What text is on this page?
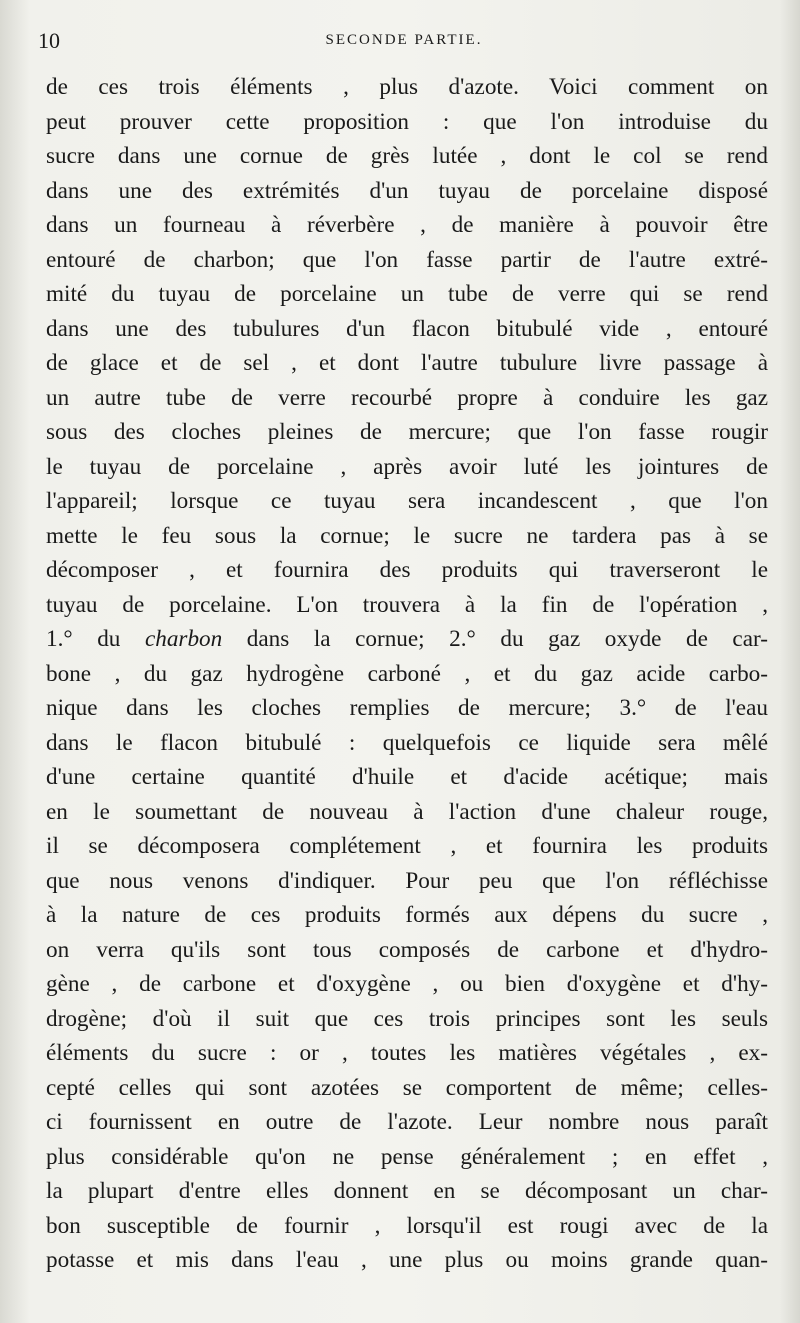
10	SECONDE PARTIE.
de ces trois éléments , plus d'azote. Voici comment on
peut prouver cette proposition : que l'on introduise du
sucre dans une cornue de grès lutée , dont le col se rend
dans une des extrémités d'un tuyau de porcelaine disposé
dans un fourneau à réverbère , de manière à pouvoir être
entouré de charbon; que l'on fasse partir de l'autre extré-
mité du tuyau de porcelaine un tube de verre qui se rend
dans une des tubulures d'un flacon bitubulé vide , entouré
de glace et de sel , et dont l'autre tubulure livre passage à
un autre tube de verre recourbé propre à conduire les gaz
sous des cloches pleines de mercure; que l'on fasse rougir
le tuyau de porcelaine , après avoir luté les jointures de
l'appareil; lorsque ce tuyau sera incandescent , que l'on
mette le feu sous la cornue; le sucre ne tardera pas à se
décomposer , et fournira des produits qui traverseront le
tuyau de porcelaine. L'on trouvera à la fin de l'opération ,
1.° du charbon dans la cornue; 2.° du gaz oxyde de car-
bone , du gaz hydrogène carboné , et du gaz acide carbo-
nique dans les cloches remplies de mercure; 3.° de l'eau
dans le flacon bitubulé : quelquefois ce liquide sera mêlé
d'une certaine quantité d'huile et d'acide acétique; mais
en le soumettant de nouveau à l'action d'une chaleur rouge,
il se décomposera complétement , et fournira les produits
que nous venons d'indiquer. Pour peu que l'on réfléchisse
à la nature de ces produits formés aux dépens du sucre ,
on verra qu'ils sont tous composés de carbone et d'hydro-
gène , de carbone et d'oxygène , ou bien d'oxygène et d'hy-
drogène; d'où il suit que ces trois principes sont les seuls
éléments du sucre : or , toutes les matières végétales , ex-
cepté celles qui sont azotées se comportent de même; celles-
ci fournissent en outre de l'azote. Leur nombre nous paraît
plus considérable qu'on ne pense généralement ; en effet ,
la plupart d'entre elles donnent en se décomposant un char-
bon susceptible de fournir , lorsqu'il est rougi avec de la
potasse et mis dans l'eau , une plus ou moins grande quan-
